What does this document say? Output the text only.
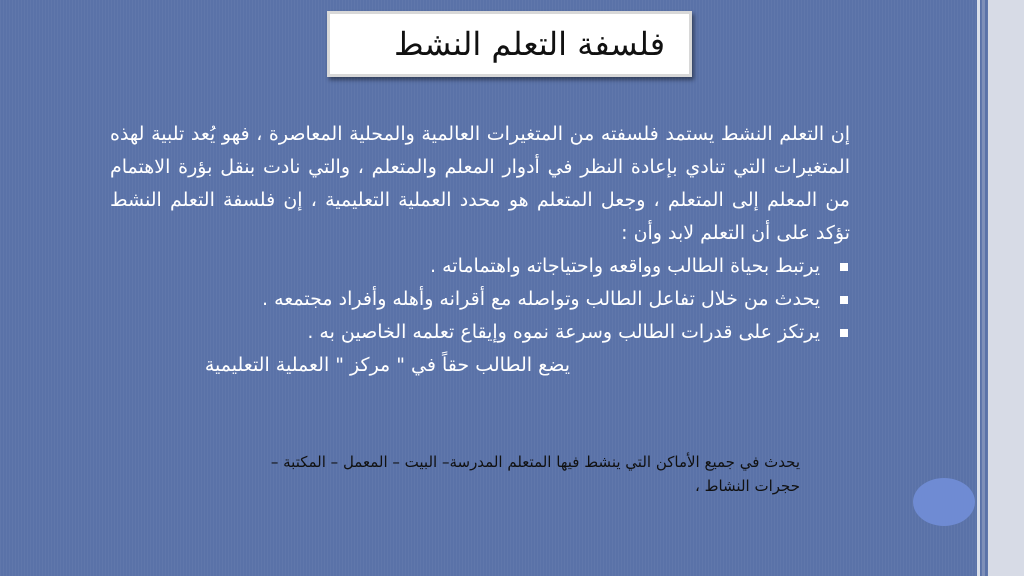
فلسفة التعلم النشط

إن التعلم النشط يستمد فلسفته من المتغيرات العالمية والمحلية المعاصرة ، فهو يُعد تلبية لهذه المتغيرات التي تنادي بإعادة النظر في أدوار المعلم والمتعلم ، والتي نادت بنقل بؤرة الاهتمام من المعلم إلى المتعلم ، وجعل المتعلم هو محدد العملية التعليمية ، إن فلسفة التعلم النشط تؤكد على أن التعلم لابد وأن :

يرتبط بحياة الطالب وواقعه واحتياجاته واهتماماته .
يحدث من خلال تفاعل الطالب وتواصله مع أقرانه وأهله وأفراد مجتمعه .
يرتكز على قدرات الطالب وسرعة نموه وإيقاع تعلمه الخاصين به .

يضع الطالب حقاً في " مركز " العملية التعليمية

يحدث في جميع الأماكن التي ينشط فيها المتعلم المدرسة– البيت – المعمل – المكتبة –

حجرات النشاط ،
